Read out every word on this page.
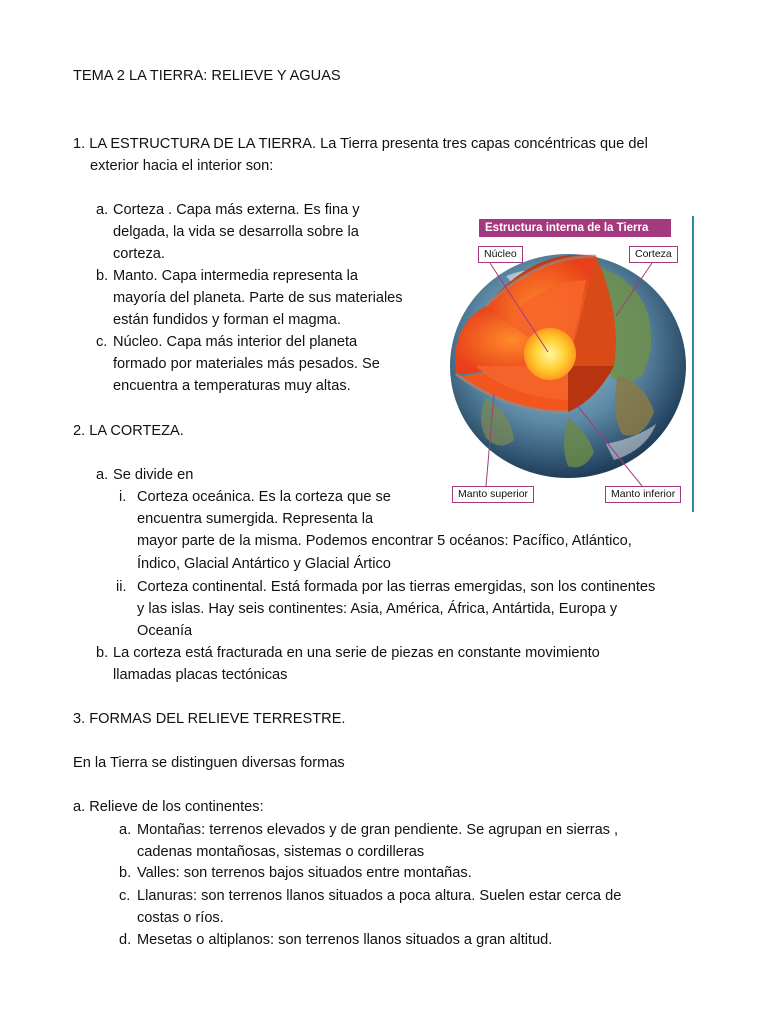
TEMA 2 LA TIERRA: RELIEVE Y AGUAS
1. LA ESTRUCTURA DE LA TIERRA. La Tierra presenta tres capas concéntricas que del
exterior hacia el interior son:
a. Corteza . Capa más externa. Es fina y
delgada, la vida se desarrolla sobre la
corteza.
b. Manto. Capa intermedia representa la
mayoría del planeta. Parte de sus materiales
están fundidos y forman el magma.
c. Núcleo. Capa más interior del planeta
formado por materiales más pesados. Se
encuentra a temperaturas muy altas.
Estructura interna de la Tierra
Núcleo	Corteza
Manto superior	Manto inferior
2. LA CORTEZA.
a. Se divide en
i. Corteza oceánica. Es la corteza que se
encuentra sumergida. Representa la
mayor parte de la misma. Podemos encontrar 5 océanos: Pacífico, Atlántico,
Índico, Glacial Antártico y Glacial Ártico
ii. Corteza continental. Está formada por las tierras emergidas, son los continentes
y las islas. Hay seis continentes: Asia, América, África, Antártida, Europa y
Oceanía
b. La corteza está fracturada en una serie de piezas en constante movimiento
llamadas placas tectónicas
3. FORMAS DEL RELIEVE TERRESTRE.
En la Tierra se distinguen diversas formas
a. Relieve de los continentes:
a. Montañas: terrenos elevados y de gran pendiente. Se agrupan en sierras ,
cadenas montañosas, sistemas o cordilleras
b. Valles: son terrenos bajos situados entre montañas.
c. Llanuras: son terrenos llanos situados a poca altura. Suelen estar cerca de
costas o ríos.
d. Mesetas o altiplanos: son terrenos llanos situados a gran altitud.
